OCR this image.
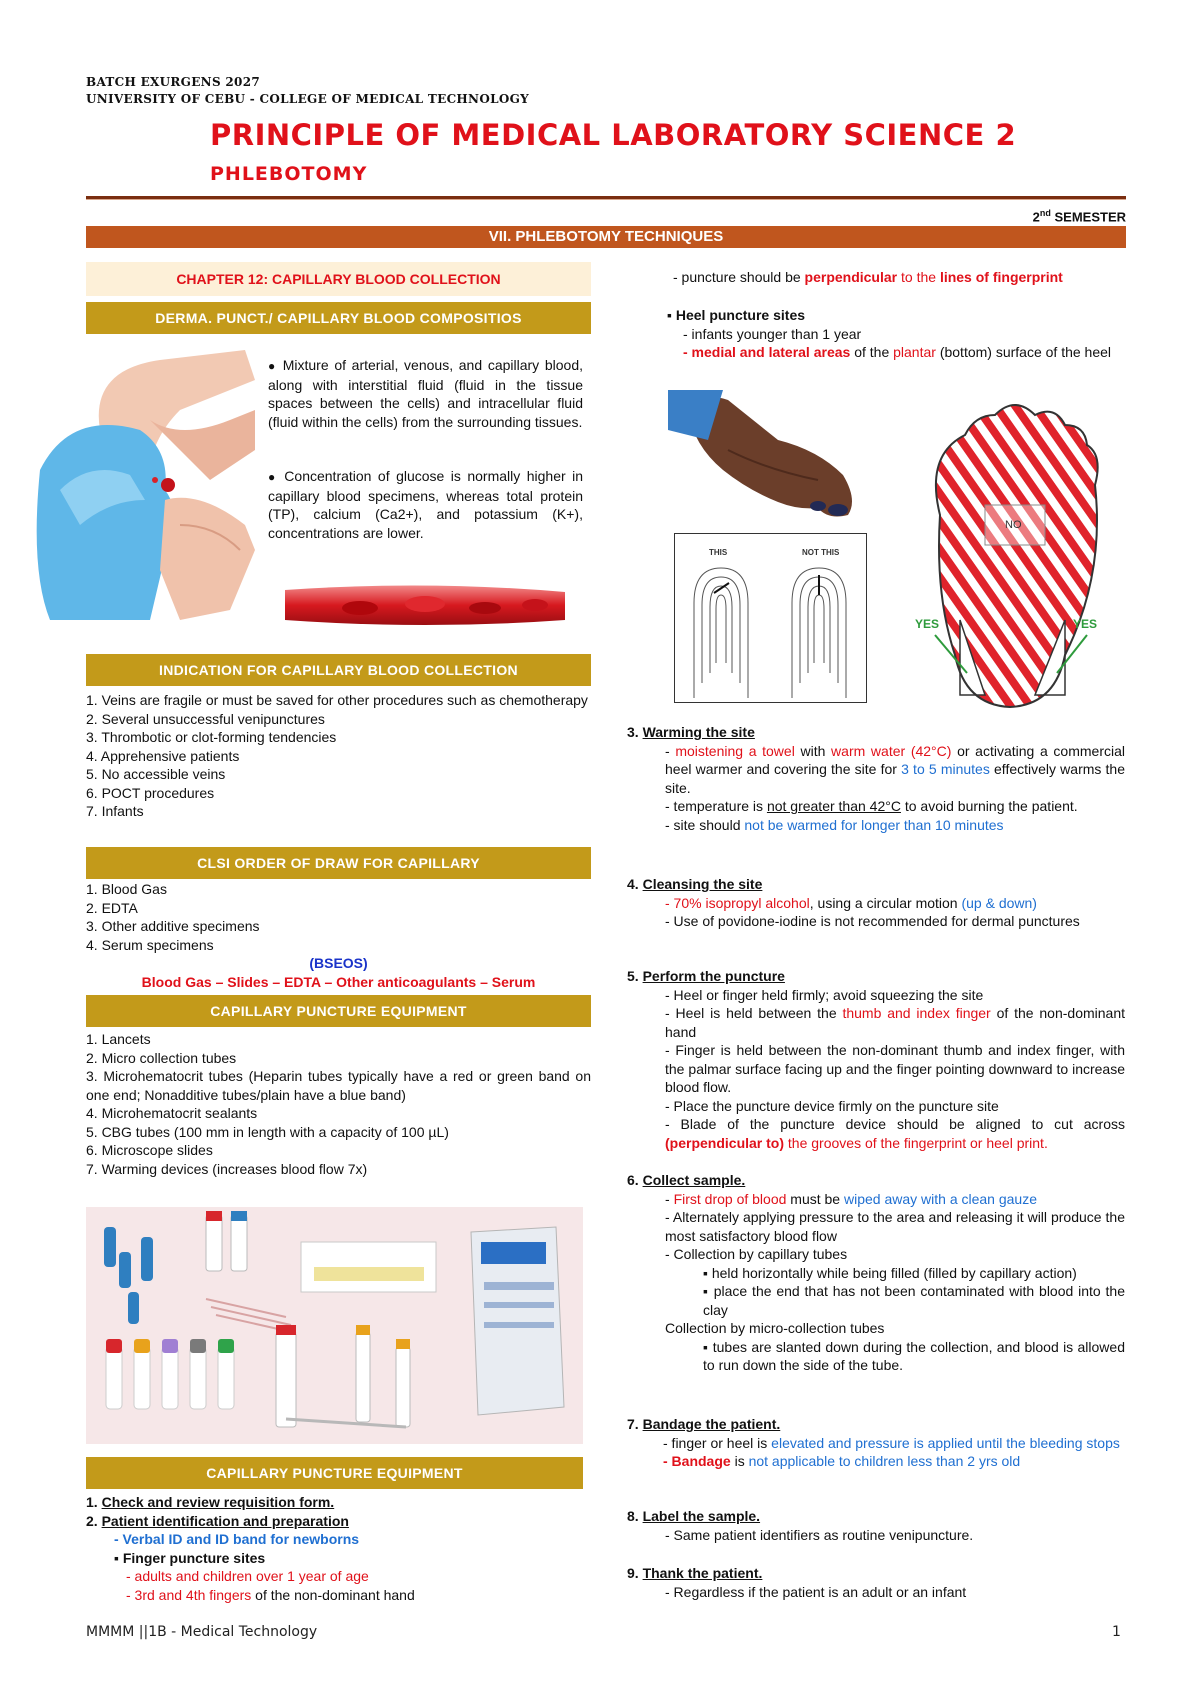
BATCH EXURGENS 2027
UNIVERSITY OF CEBU - COLLEGE OF MEDICAL TECHNOLOGY
PRINCIPLE OF MEDICAL LABORATORY SCIENCE 2
PHLEBOTOMY
2nd SEMESTER
VII. PHLEBOTOMY TECHNIQUES
CHAPTER 12: CAPILLARY BLOOD COLLECTION
DERMA. PUNCT./ CAPILLARY BLOOD COMPOSITIOS
● Mixture of arterial, venous, and capillary blood, along with interstitial fluid (fluid in the tissue spaces between the cells) and intracellular fluid (fluid within the cells) from the surrounding tissues.
● Concentration of glucose is normally higher in capillary blood specimens, whereas total protein (TP), calcium (Ca2+), and potassium (K+), concentrations are lower.
INDICATION FOR CAPILLARY BLOOD COLLECTION
1. Veins are fragile or must be saved for other procedures such as chemotherapy
2. Several unsuccessful venipunctures
3. Thrombotic or clot-forming tendencies
4. Apprehensive patients
5. No accessible veins
6. POCT procedures
7. Infants
CLSI ORDER OF DRAW FOR CAPILLARY
1. Blood Gas
2. EDTA
3. Other additive specimens
4. Serum specimens
(BSEOS)
Blood Gas – Slides – EDTA – Other anticoagulants – Serum
CAPILLARY PUNCTURE EQUIPMENT
1. Lancets
2. Micro collection tubes
3. Microhematocrit tubes (Heparin tubes typically have a red or green band on one end; Nonadditive tubes/plain have a blue band)
4. Microhematocrit sealants
5. CBG tubes (100 mm in length with a capacity of 100 µL)
6. Microscope slides
7. Warming devices (increases blood flow 7x)
CAPILLARY PUNCTURE EQUIPMENT
1. Check and review requisition form.
2. Patient identification and preparation
- Verbal ID and ID band for newborns
▪ Finger puncture sites
- adults and children over 1 year of age
- 3rd and 4th fingers of the non-dominant hand
- puncture should be perpendicular to the lines of fingerprint
▪ Heel puncture sites
- infants younger than 1 year
- medial and lateral areas of the plantar (bottom) surface of the heel
THIS	NOT THIS
NO
YES	YES
3. Warming the site
- moistening a towel with warm water (42°C) or activating a commercial heel warmer and covering the site for 3 to 5 minutes effectively warms the site.
- temperature is not greater than 42°C to avoid burning the patient.
- site should not be warmed for longer than 10 minutes
4. Cleansing the site
- 70% isopropyl alcohol, using a circular motion (up & down)
- Use of povidone-iodine is not recommended for dermal punctures
5. Perform the puncture
- Heel or finger held firmly; avoid squeezing the site
- Heel is held between the thumb and index finger of the non-dominant hand
- Finger is held between the non-dominant thumb and index finger, with the palmar surface facing up and the finger pointing downward to increase blood flow.
- Place the puncture device firmly on the puncture site
- Blade of the puncture device should be aligned to cut across (perpendicular to) the grooves of the fingerprint or heel print.
6. Collect sample.
- First drop of blood must be wiped away with a clean gauze
- Alternately applying pressure to the area and releasing it will produce the most satisfactory blood flow
- Collection by capillary tubes
▪ held horizontally while being filled (filled by capillary action)
▪ place the end that has not been contaminated with blood into the clay
Collection by micro-collection tubes
▪ tubes are slanted down during the collection, and blood is allowed to run down the side of the tube.
7. Bandage the patient.
- finger or heel is elevated and pressure is applied until the bleeding stops
- Bandage is not applicable to children less than 2 yrs old
8. Label the sample.
- Same patient identifiers as routine venipuncture.
9. Thank the patient.
- Regardless if the patient is an adult or an infant
MMMM ||1B - Medical Technology	1
